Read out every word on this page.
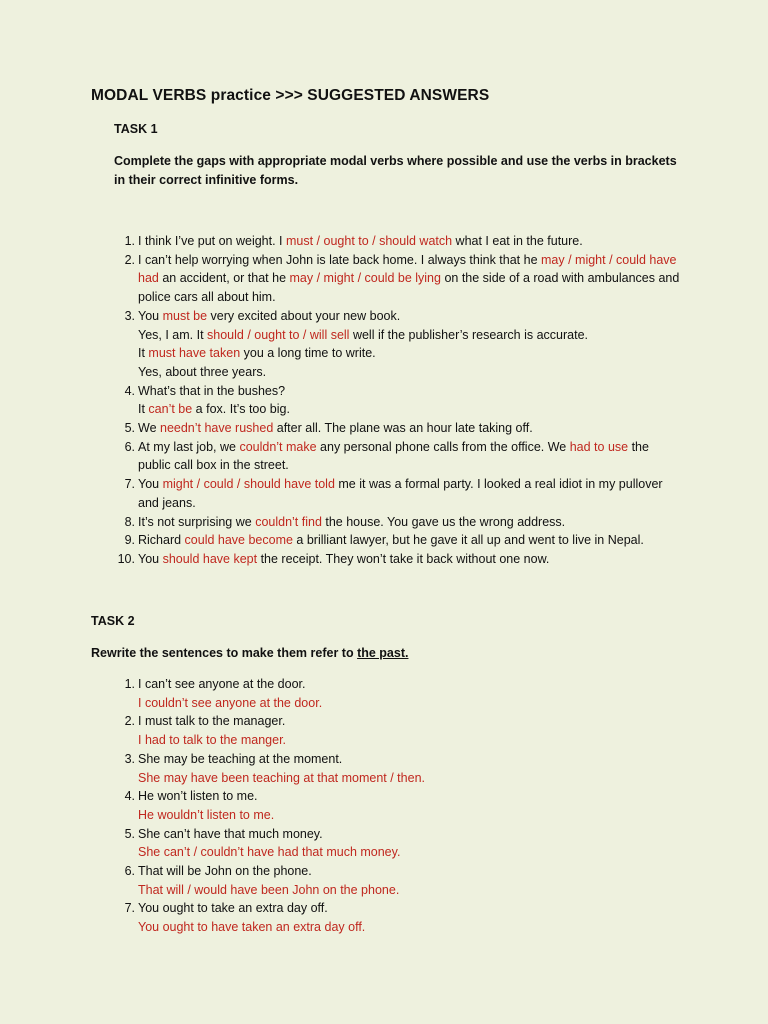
MODAL VERBS practice >>> SUGGESTED ANSWERS
TASK 1
Complete the gaps with appropriate modal verbs where possible and use the verbs in brackets in their correct infinitive forms.
1. I think I’ve put on weight. I must / ought to / should watch what I eat in the future.
2. I can’t help worrying when John is late back home. I always think that he may / might / could have had an accident, or that he may / might / could be lying on the side of a road with ambulances and police cars all about him.
3. You must be very excited about your new book.
Yes, I am. It should / ought to / will sell well if the publisher’s research is accurate.
It must have taken you a long time to write.
Yes, about three years.
4. What’s that in the bushes?
It can’t be a fox. It’s too big.
5. We needn’t have rushed after all. The plane was an hour late taking off.
6. At my last job, we couldn’t make any personal phone calls from the office. We had to use the public call box in the street.
7. You might / could / should have told me it was a formal party. I looked a real idiot in my pullover and jeans.
8. It’s not surprising we couldn’t find the house. You gave us the wrong address.
9. Richard could have become a brilliant lawyer, but he gave it all up and went to live in Nepal.
10. You should have kept the receipt. They won’t take it back without one now.
TASK 2
Rewrite the sentences to make them refer to the past.
1. I can’t see anyone at the door.
I couldn’t see anyone at the door.
2. I must talk to the manager.
I had to talk to the manger.
3. She may be teaching at the moment.
She may have been teaching at that moment / then.
4. He won’t listen to me.
He wouldn’t listen to me.
5. She can’t have that much money.
She can’t / couldn’t have had that much money.
6. That will be John on the phone.
That will / would have been John on the phone.
7. You ought to take an extra day off.
You ought to have taken an extra day off.
